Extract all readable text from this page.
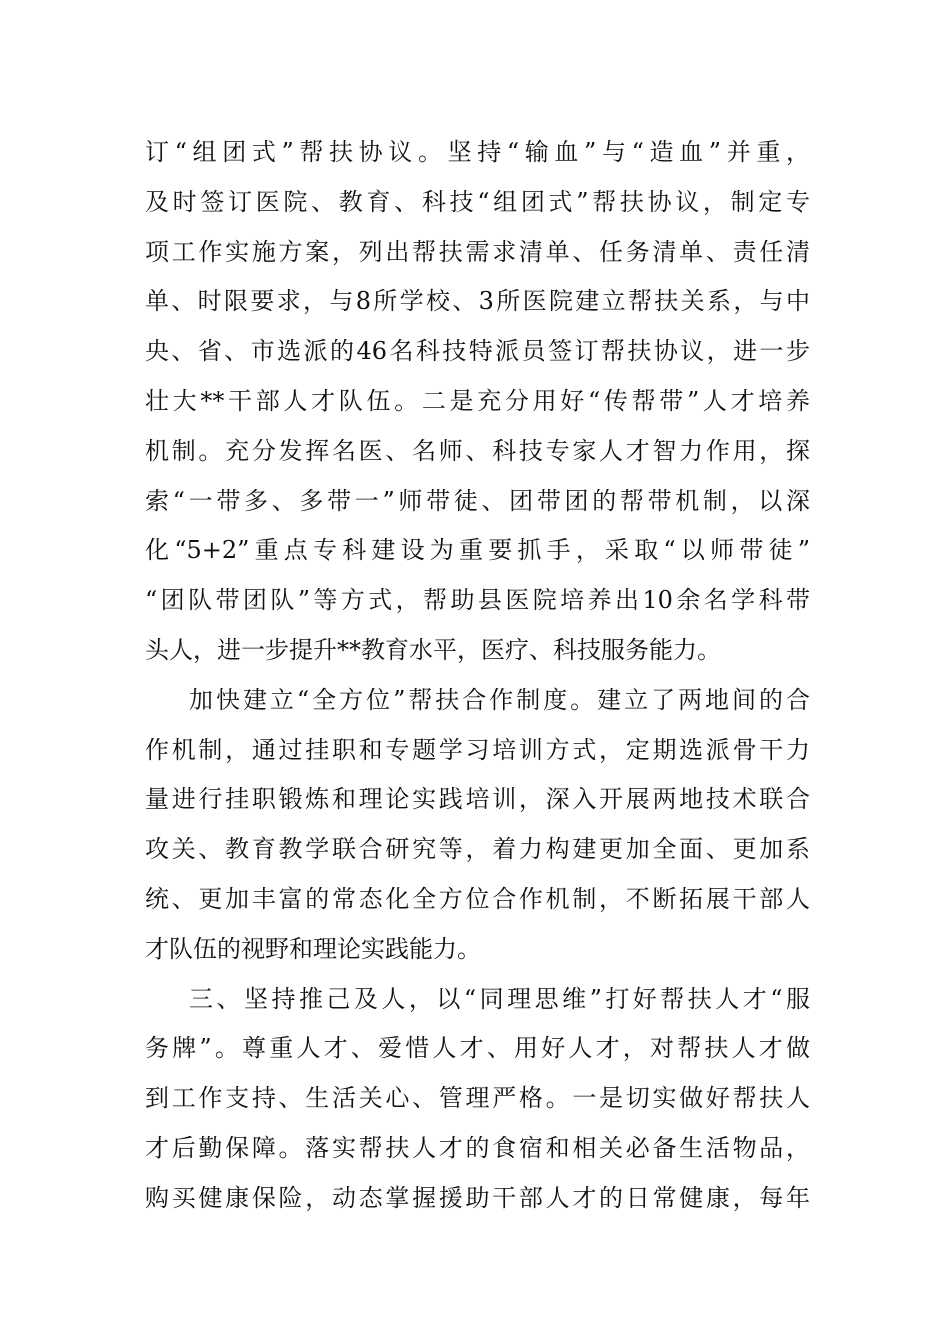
订“组团式”帮扶协议。坚持“输血”与“造血”并重，
及时签订医院、教育、科技“组团式”帮扶协议，制定专
项工作实施方案，列出帮扶需求清单、任务清单、责任清
单、时限要求，与8所学校、3所医院建立帮扶关系，与中
央、省、市选派的46名科技特派员签订帮扶协议，进一步
壮大**干部人才队伍。二是充分用好“传帮带”人才培养
机制。充分发挥名医、名师、科技专家人才智力作用，探
索“一带多、多带一”师带徒、团带团的帮带机制，以深
化“5+2”重点专科建设为重要抓手，采取“以师带徒”
“团队带团队”等方式，帮助县医院培养出10余名学科带
头人，进一步提升**教育水平，医疗、科技服务能力。
加快建立“全方位”帮扶合作制度。建立了两地间的合
作机制，通过挂职和专题学习培训方式，定期选派骨干力
量进行挂职锻炼和理论实践培训，深入开展两地技术联合
攻关、教育教学联合研究等，着力构建更加全面、更加系
统、更加丰富的常态化全方位合作机制，不断拓展干部人
才队伍的视野和理论实践能力。
三、坚持推己及人，以“同理思维”打好帮扶人才“服
务牌”。尊重人才、爱惜人才、用好人才，对帮扶人才做
到工作支持、生活关心、管理严格。一是切实做好帮扶人
才后勤保障。落实帮扶人才的食宿和相关必备生活物品，
购买健康保险，动态掌握援助干部人才的日常健康，每年
